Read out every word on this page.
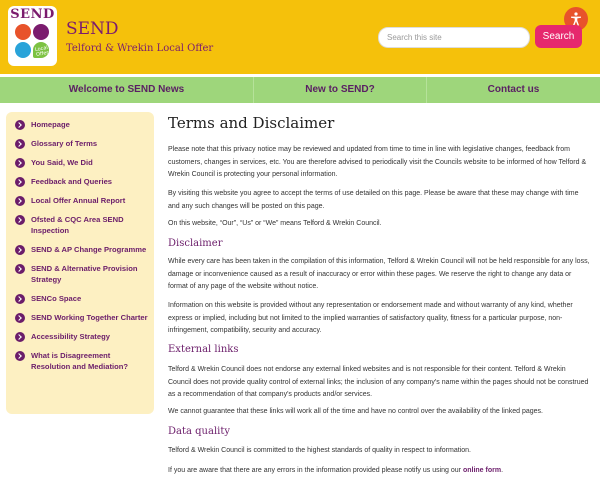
SEND
Local Offer
SEND
Telford & Wrekin Local Offer
Search this site
Search
Welcome to SEND News	New to SEND?	Contact us
Homepage
Glossary of Terms
You Said, We Did
Feedback and Queries
Local Offer Annual Report
Ofsted & CQC Area SEND Inspection
SEND & AP Change Programme
SEND & Alternative Provision Strategy
SENCo Space
SEND Working Together Charter
Accessibility Strategy
What is Disagreement Resolution and Mediation?
Terms and Disclaimer
Please note that this privacy notice may be reviewed and updated from time to time in line with legislative changes, feedback from customers, changes in services, etc. You are therefore advised to periodically visit the Councils website to be informed of how Telford & Wrekin Council is protecting your personal information.
By visiting this website you agree to accept the terms of use detailed on this page. Please be aware that these may change with time and any such changes will be posted on this page.
On this website, “Our”, “Us” or “We” means Telford & Wrekin Council.
Disclaimer
While every care has been taken in the compilation of this information, Telford & Wrekin Council will not be held responsible for any loss, damage or inconvenience caused as a result of inaccuracy or error within these pages. We reserve the right to change any data or format of any page of the website without notice.
Information on this website is provided without any representation or endorsement made and without warranty of any kind, whether express or implied, including but not limited to the implied warranties of satisfactory quality, fitness for a particular purpose, non-infringement, compatibility, security and accuracy.
External links
Telford & Wrekin Council does not endorse any external linked websites and is not responsible for their content. Telford & Wrekin Council does not provide quality control of external links; the inclusion of any company's name within the pages should not be construed as a recommendation of that company's products and/or services.
We cannot guarantee that these links will work all of the time and have no control over the availability of the linked pages.
Data quality
Telford & Wrekin Council is committed to the highest standards of quality in respect to information.
If you are aware that there are any errors in the information provided please notify us using our online form.
